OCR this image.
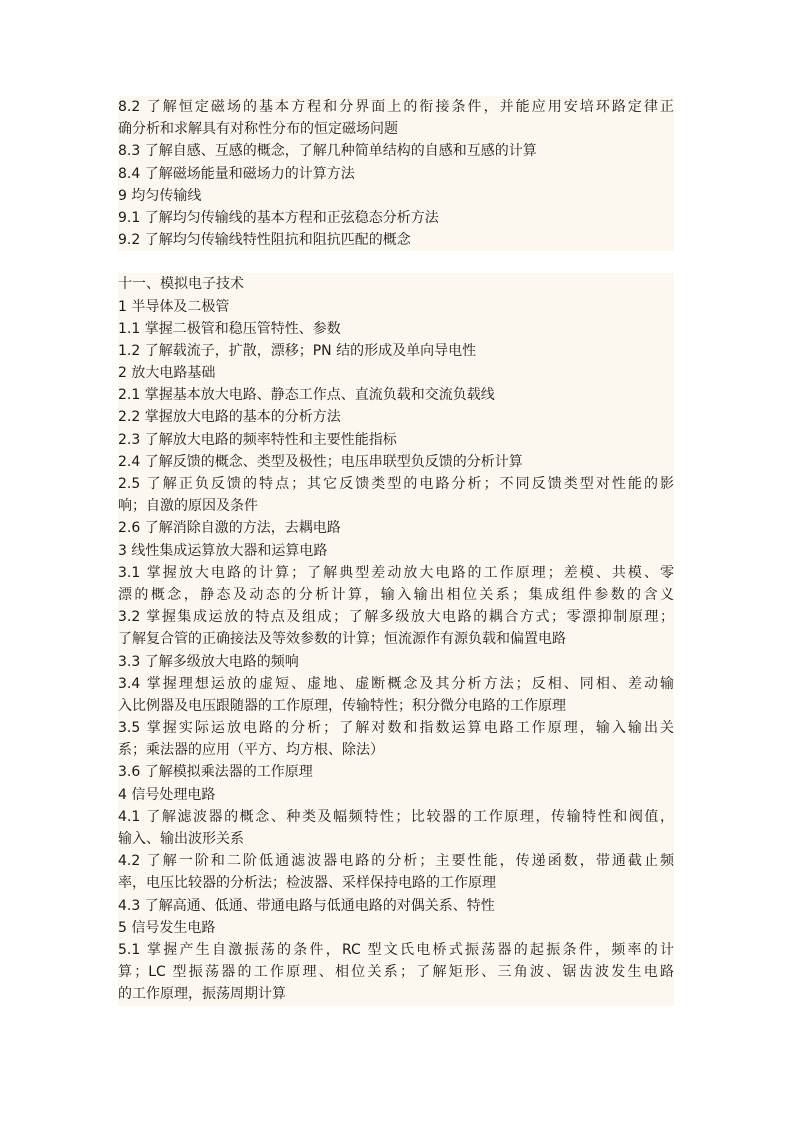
8.2 了解恒定磁场的基本方程和分界面上的衔接条件，并能应用安培环路定律正
确分析和求解具有对称性分布的恒定磁场问题
8.3 了解自感、互感的概念，了解几种简单结构的自感和互感的计算
8.4 了解磁场能量和磁场力的计算方法
9 均匀传输线
9.1 了解均匀传输线的基本方程和正弦稳态分析方法
9.2 了解均匀传输线特性阻抗和阻抗匹配的概念
十一、模拟电子技术
1 半导体及二极管
1.1 掌握二极管和稳压管特性、参数
1.2 了解载流子，扩散，漂移；PN 结的形成及单向导电性
2 放大电路基础
2.1 掌握基本放大电路、静态工作点、直流负载和交流负载线
2.2 掌握放大电路的基本的分析方法
2.3 了解放大电路的频率特性和主要性能指标
2.4 了解反馈的概念、类型及极性；电压串联型负反馈的分析计算
2.5 了解正负反馈的特点；其它反馈类型的电路分析；不同反馈类型对性能的影
响；自激的原因及条件
2.6 了解消除自激的方法，去耦电路
3 线性集成运算放大器和运算电路
3.1 掌握放大电路的计算；了解典型差动放大电路的工作原理；差模、共模、零
漂的概念，静态及动态的分析计算，输入输出相位关系；集成组件参数的含义
3.2 掌握集成运放的特点及组成；了解多级放大电路的耦合方式；零漂抑制原理；
了解复合管的正确接法及等效参数的计算；恒流源作有源负载和偏置电路
3.3 了解多级放大电路的频响
3.4 掌握理想运放的虚短、虚地、虚断概念及其分析方法；反相、同相、差动输
入比例器及电压跟随器的工作原理，传输特性；积分微分电路的工作原理
3.5 掌握实际运放电路的分析；了解对数和指数运算电路工作原理，输入输出关
系；乘法器的应用（平方、均方根、除法）
3.6 了解模拟乘法器的工作原理
4 信号处理电路
4.1 了解滤波器的概念、种类及幅频特性；比较器的工作原理，传输特性和阀值，
输入、输出波形关系
4.2 了解一阶和二阶低通滤波器电路的分析；主要性能，传递函数，带通截止频
率，电压比较器的分析法；检波器、采样保持电路的工作原理
4.3 了解高通、低通、带通电路与低通电路的对偶关系、特性
5 信号发生电路
5.1 掌握产生自激振荡的条件，RC 型文氏电桥式振荡器的起振条件，频率的计
算；LC 型振荡器的工作原理、相位关系；了解矩形、三角波、锯齿波发生电路
的工作原理，振荡周期计算
